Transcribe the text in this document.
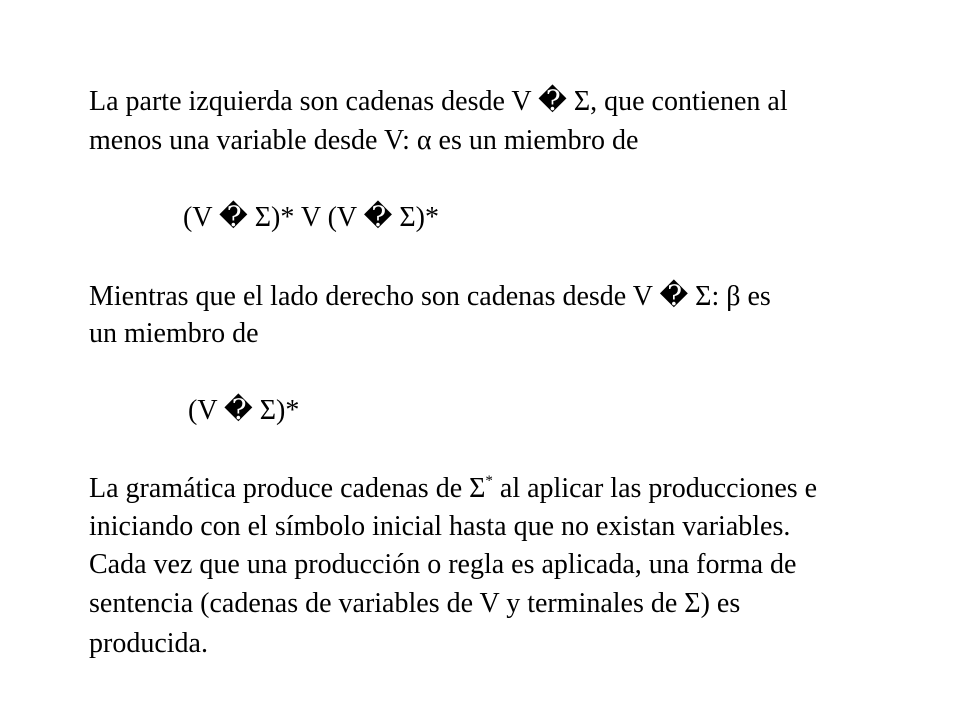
La parte izquierda son cadenas desde V � Σ, que contienen al
menos una variable desde V: α es un miembro de
(V � Σ)* V (V � Σ)*
Mientras que el lado derecho son cadenas desde V � Σ: β es
un miembro de
(V � Σ)*
La gramática produce cadenas de Σ* al aplicar las producciones e
iniciando con el símbolo inicial hasta que no existan variables.
Cada vez que una producción o regla es aplicada, una forma de
sentencia (cadenas de variables de V y terminales de Σ) es
producida.
